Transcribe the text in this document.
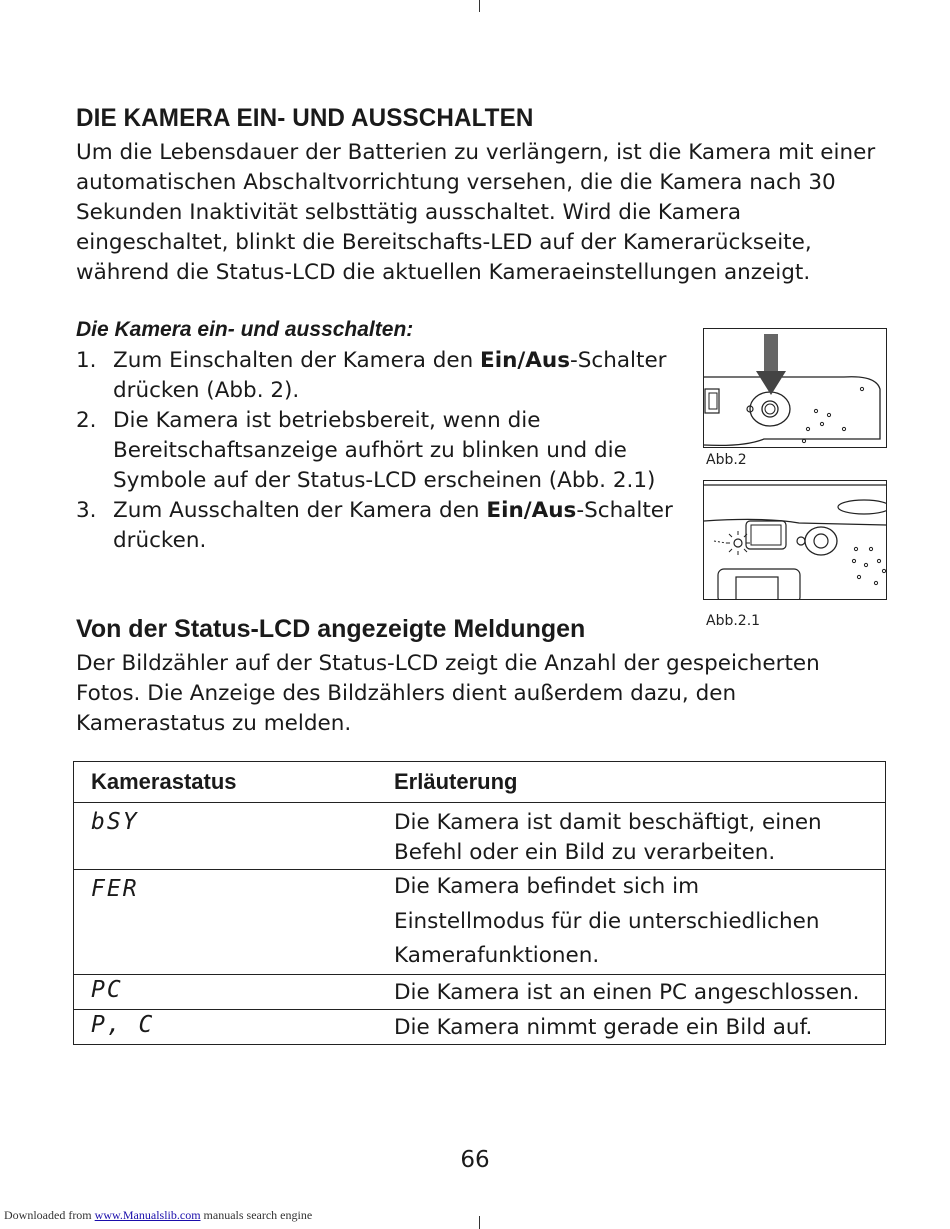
DIE KAMERA EIN- UND AUSSCHALTEN
Um die Lebensdauer der Batterien zu verlängern, ist die Kamera mit einer
automatischen Abschaltvorrichtung versehen, die die Kamera nach 30
Sekunden Inaktivität selbsttätig ausschaltet. Wird die Kamera
eingeschaltet, blinkt die Bereitschafts-LED auf der Kamerarückseite,
während die Status-LCD die aktuellen Kameraeinstellungen anzeigt.
Die Kamera ein- und ausschalten:
1. Zum Einschalten der Kamera den Ein/Aus-Schalter
drücken (Abb. 2).
2. Die Kamera ist betriebsbereit, wenn die
Bereitschaftsanzeige aufhört zu blinken und die
Symbole auf der Status-LCD erscheinen (Abb. 2.1)
3. Zum Ausschalten der Kamera den Ein/Aus-Schalter
drücken.
Abb.2
Abb.2.1
Von der Status-LCD angezeigte Meldungen
Der Bildzähler auf der Status-LCD zeigt die Anzahl der gespeicherten
Fotos. Die Anzeige des Bildzählers dient außerdem dazu, den
Kamerastatus zu melden.
Kamerastatus	Erläuterung
bSY	Die Kamera ist damit beschäftigt, einen
Befehl oder ein Bild zu verarbeiten.

FER	Die Kamera befindet sich im
Einstellmodus für die unterschiedlichen
Kamerafunktionen.

PC	Die Kamera ist an einen PC angeschlossen.

P, C	Die Kamera nimmt gerade ein Bild auf.
66
Downloaded from www.Manualslib.com manuals search engine
